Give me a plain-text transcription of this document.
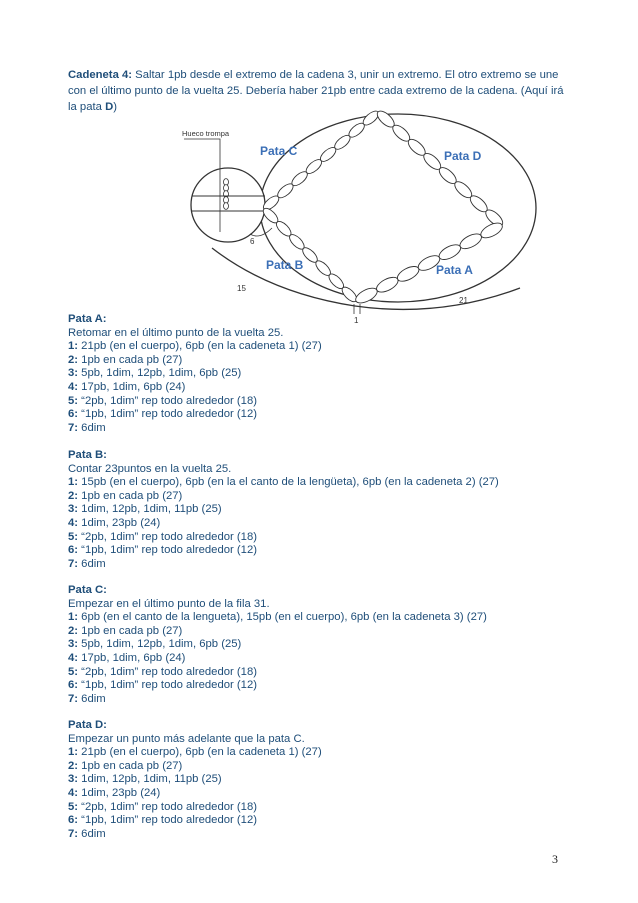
Cadeneta 4: Saltar 1pb desde el extremo de la cadena 3, unir un extremo. El otro extremo se une con el último punto de la vuelta 25. Debería haber 21pb entre cada extremo de la cadena. (Aquí irá la pata D)
Hueco trompa
Pata C	Pata D
Pata B	Pata A
6
15
21
1
Pata A:
Retomar en el último punto de la vuelta 25.
1: 21pb (en el cuerpo), 6pb (en la cadeneta 1) (27)
2: 1pb en cada pb (27)
3: 5pb, 1dim, 12pb, 1dim, 6pb (25)
4: 17pb, 1dim, 6pb (24)
5: “2pb, 1dim” rep todo alrededor (18)
6: “1pb, 1dim” rep todo alrededor (12)
7: 6dim
Pata B:
Contar 23puntos en la vuelta 25.
1: 15pb (en el cuerpo), 6pb (en la el canto de la lengüeta), 6pb (en la cadeneta 2) (27)
2: 1pb en cada pb (27)
3: 1dim, 12pb, 1dim, 11pb (25)
4: 1dim, 23pb (24)
5: “2pb, 1dim” rep todo alrededor (18)
6: “1pb, 1dim” rep todo alrededor (12)
7: 6dim
Pata C:
Empezar en el último punto de la fila 31.
1: 6pb (en el canto de la lengueta), 15pb (en el cuerpo), 6pb (en la cadeneta 3) (27)
2: 1pb en cada pb (27)
3: 5pb, 1dim, 12pb, 1dim, 6pb (25)
4: 17pb, 1dim, 6pb (24)
5: “2pb, 1dim” rep todo alrededor (18)
6: “1pb, 1dim” rep todo alrededor (12)
7: 6dim
Pata D:
Empezar un punto más adelante que la pata C.
1: 21pb (en el cuerpo), 6pb (en la cadeneta 1) (27)
2: 1pb en cada pb (27)
3: 1dim, 12pb, 1dim, 11pb (25)
4: 1dim, 23pb (24)
5: “2pb, 1dim” rep todo alrededor (18)
6: “1pb, 1dim” rep todo alrededor (12)
7: 6dim
3
